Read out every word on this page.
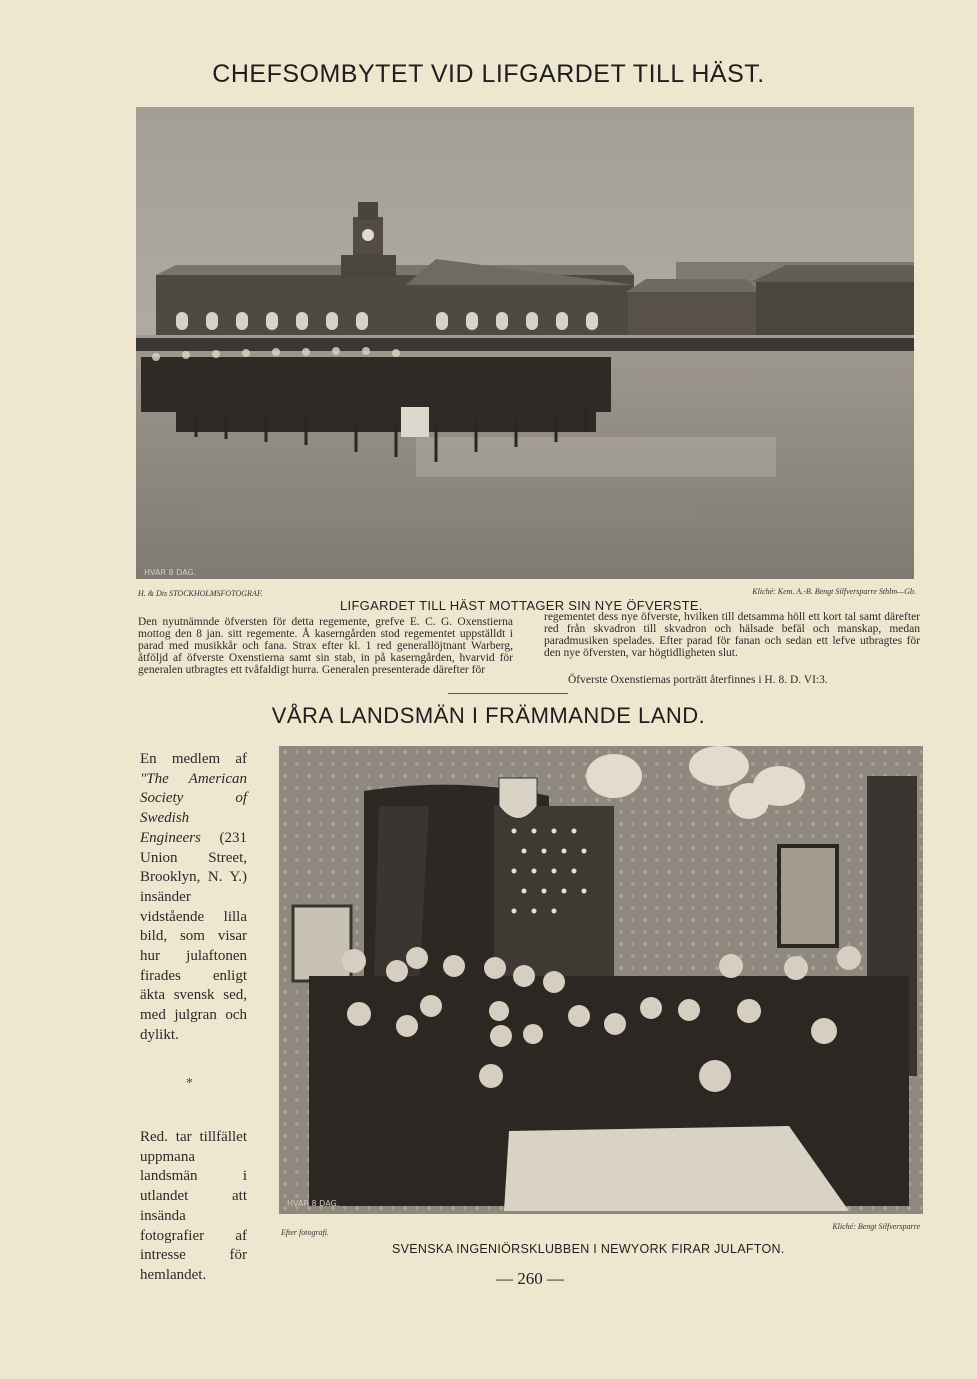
CHEFSOMBYTET VID LIFGARDET TILL HÄST.
HVAR 8 DAG.
H. & Dis STOCKHOLMSFOTOGRAF.	Kliché: Kem. A.-B. Bengt Silfversparre Sthlm—Gb.
LIFGARDET TILL HÄST MOTTAGER SIN NYE ÖFVERSTE.
Den nyutnämnde öfversten för detta regemente, grefve E. C. G. Oxenstierna mottog den 8 jan. sitt regemente. Å kaserngården stod regementet uppställdt i parad med musikkår och fana. Strax efter kl. 1 red generallöjtnant Warberg, åtföljd af öfverste Oxenstierna samt sin stab, in på kaserngården, hvarvid för generalen utbragtes ett tvåfaldigt hurra. Generalen presenterade därefter för
regementet dess nye öfverste, hvilken till detsamma höll ett kort tal samt därefter red från skvadron till skvadron och hälsade befäl och manskap, medan paradmusiken spelades. Efter parad för fanan och sedan ett lefve utbragtes för den nye öfversten, var högtidligheten slut.
Öfverste Oxenstiernas porträtt återfinnes i H. 8. D. VI:3.
VÅRA LANDSMÄN I FRÄMMANDE LAND.
En medlem af "The American Society of Swedish Engineers (231 Union Street, Brooklyn, N. Y.) insänder vidstående lilla bild, som visar hur julaftonen firades enligt äkta svensk sed, med julgran och dylikt.
*
Red. tar tillfället uppmana landsmän i utlandet att insända fotografier af intresse för hemlandet.
HVAR 8 DAG.
Efter fotografi.
Kliché: Bengt Silfversparre
SVENSKA INGENIÖRSKLUBBEN I NEWYORK FIRAR JULAFTON.
— 260 —
